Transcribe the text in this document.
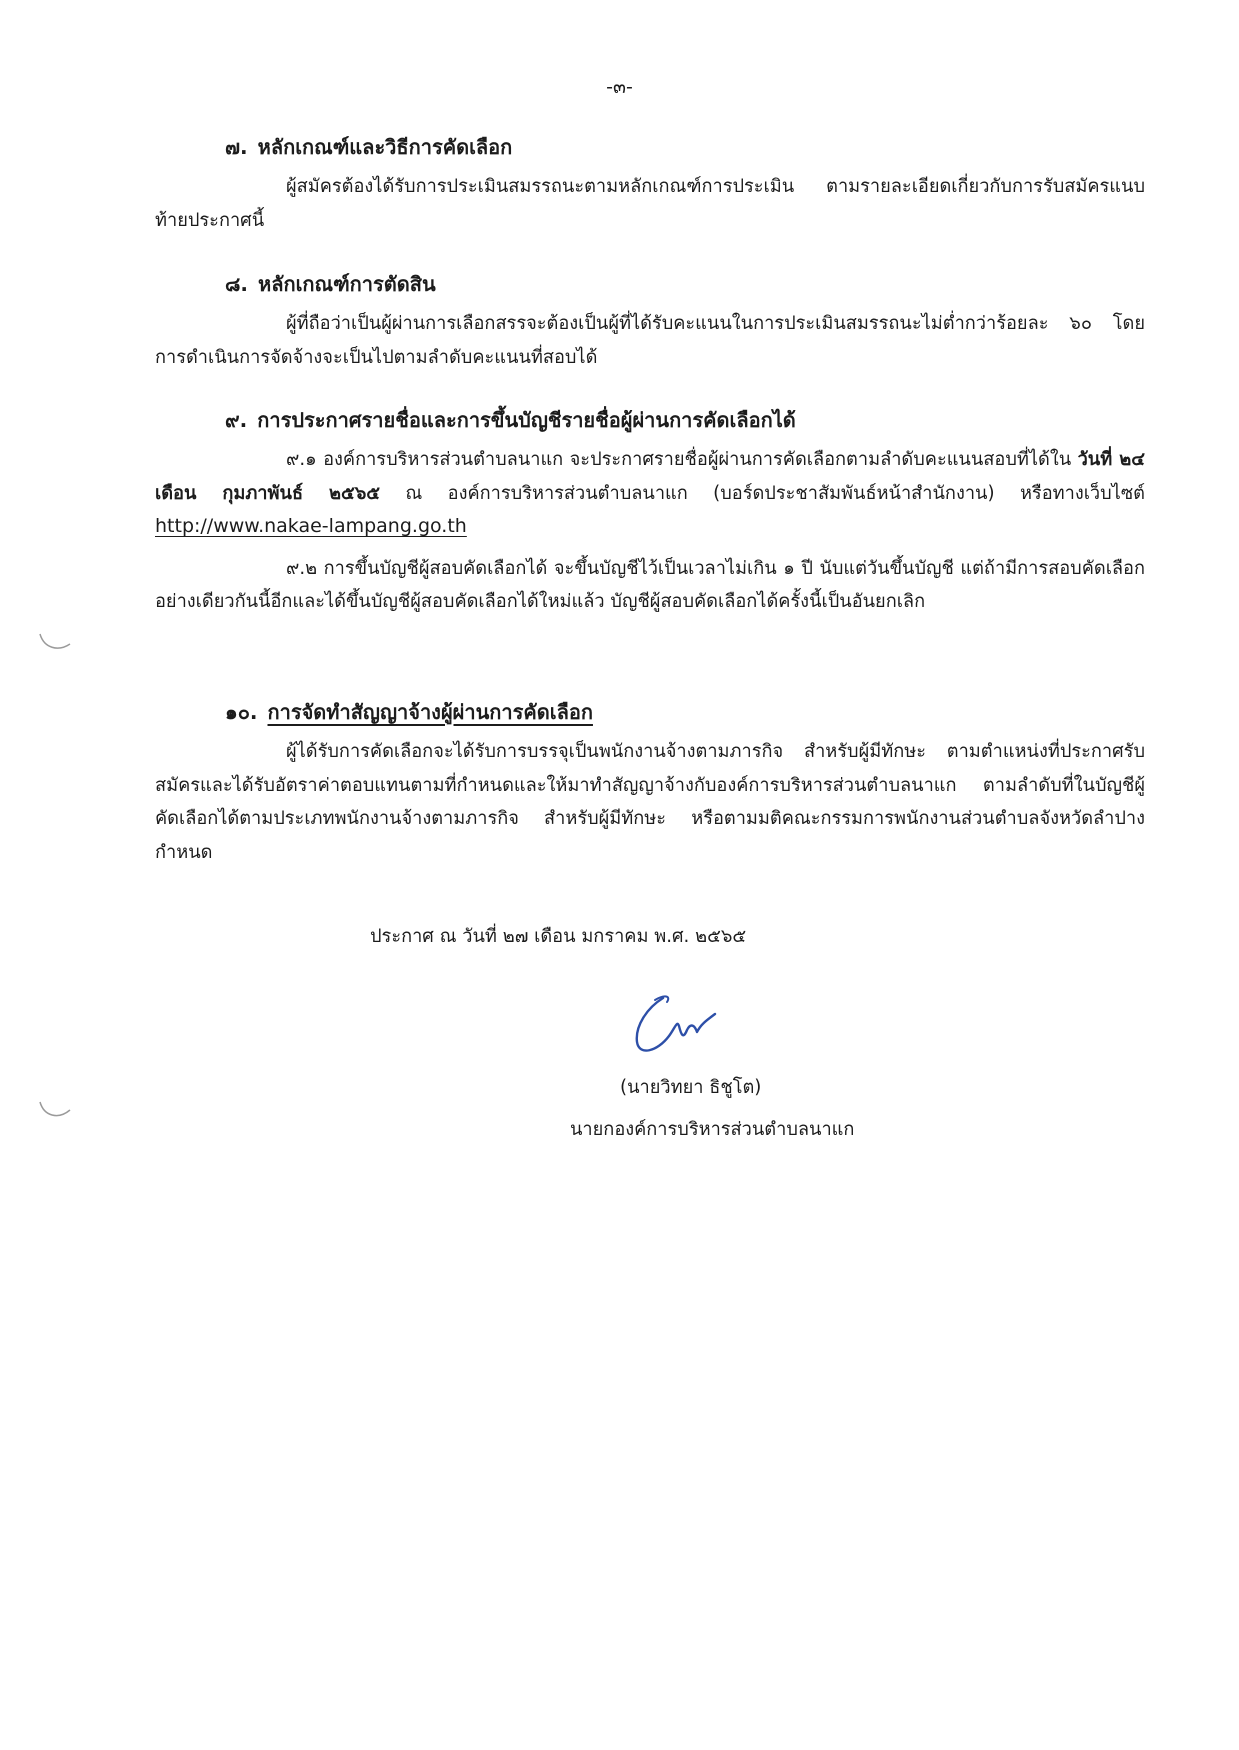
-๓-
๗. หลักเกณฑ์และวิธีการคัดเลือก

ผู้สมัครต้องได้รับการประเมินสมรรถนะตามหลักเกณฑ์การประเมิน ตามรายละเอียดเกี่ยวกับการรับสมัครแนบท้ายประกาศนี้

๘. หลักเกณฑ์การตัดสิน

ผู้ที่ถือว่าเป็นผู้ผ่านการเลือกสรรจะต้องเป็นผู้ที่ได้รับคะแนนในการประเมินสมรรถนะไม่ต่ำกว่าร้อยละ ๖๐ โดยการดำเนินการจัดจ้างจะเป็นไปตามลำดับคะแนนที่สอบได้

๙. การประกาศรายชื่อและการขึ้นบัญชีรายชื่อผู้ผ่านการคัดเลือกได้

๙.๑ องค์การบริหารส่วนตำบลนาแก จะประกาศรายชื่อผู้ผ่านการคัดเลือกตามลำดับคะแนนสอบที่ได้ใน วันที่ ๒๔ เดือน กุมภาพันธ์ ๒๕๖๕ ณ องค์การบริหารส่วนตำบลนาแก (บอร์ดประชาสัมพันธ์หน้าสำนักงาน) หรือทางเว็บไซต์ http://www.nakae-lampang.go.th

๙.๒ การขึ้นบัญชีผู้สอบคัดเลือกได้ จะขึ้นบัญชีไว้เป็นเวลาไม่เกิน ๑ ปี นับแต่วันขึ้นบัญชี แต่ถ้ามีการสอบคัดเลือกอย่างเดียวกันนี้อีกและได้ขึ้นบัญชีผู้สอบคัดเลือกได้ใหม่แล้ว บัญชีผู้สอบคัดเลือกได้ครั้งนี้เป็นอันยกเลิก

๑๐. การจัดทำสัญญาจ้างผู้ผ่านการคัดเลือก

ผู้ได้รับการคัดเลือกจะได้รับการบรรจุเป็นพนักงานจ้างตามภารกิจ สำหรับผู้มีทักษะ ตามตำแหน่งที่ประกาศรับสมัครและได้รับอัตราค่าตอบแทนตามที่กำหนดและให้มาทำสัญญาจ้างกับองค์การบริหารส่วนตำบลนาแก ตามลำดับที่ในบัญชีผู้คัดเลือกได้ตามประเภทพนักงานจ้างตามภารกิจ สำหรับผู้มีทักษะ หรือตามมติคณะกรรมการพนักงานส่วนตำบลจังหวัดลำปางกำหนด

ประกาศ ณ วันที่ ๒๗ เดือน มกราคม พ.ศ. ๒๕๖๕
(นายวิทยา ธิชูโต)
นายกองค์การบริหารส่วนตำบลนาแก
